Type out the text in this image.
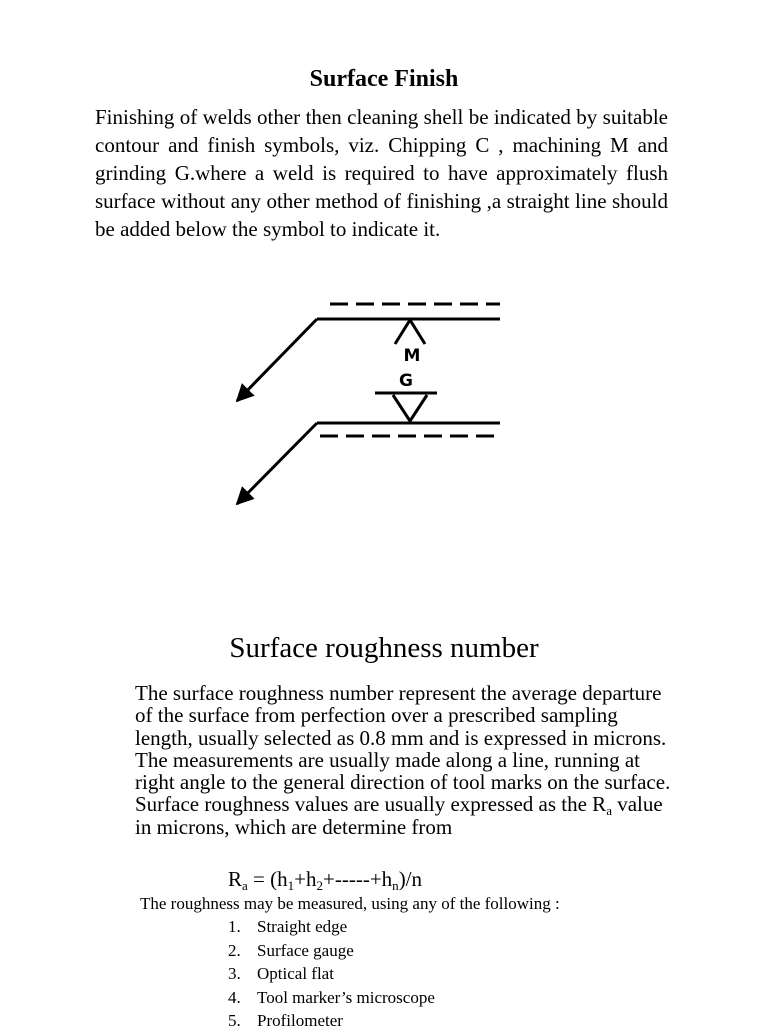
Surface Finish
Finishing of welds other then cleaning shell be indicated by suitable contour and finish symbols, viz. Chipping C , machining M and grinding G.where a weld is required to have approximately flush surface without any other method of finishing ,a straight line should be added below the symbol to indicate it.
M
G
Surface roughness number
The surface roughness number represent the average departure of the surface from perfection over a prescribed sampling length, usually selected as 0.8 mm and is expressed in microns. The measurements are usually made along a line, running at right angle to the general direction of tool marks on the surface. Surface roughness values are usually expressed as the $R_a$ value in microns, which are determine from
$R_a = (h_1+h_2+-----+h_n)/n$
The roughness may be measured, using any of the following :
1. Straight edge
2. Surface gauge
3. Optical flat
4. Tool marker’s microscope
5. Profilometer
